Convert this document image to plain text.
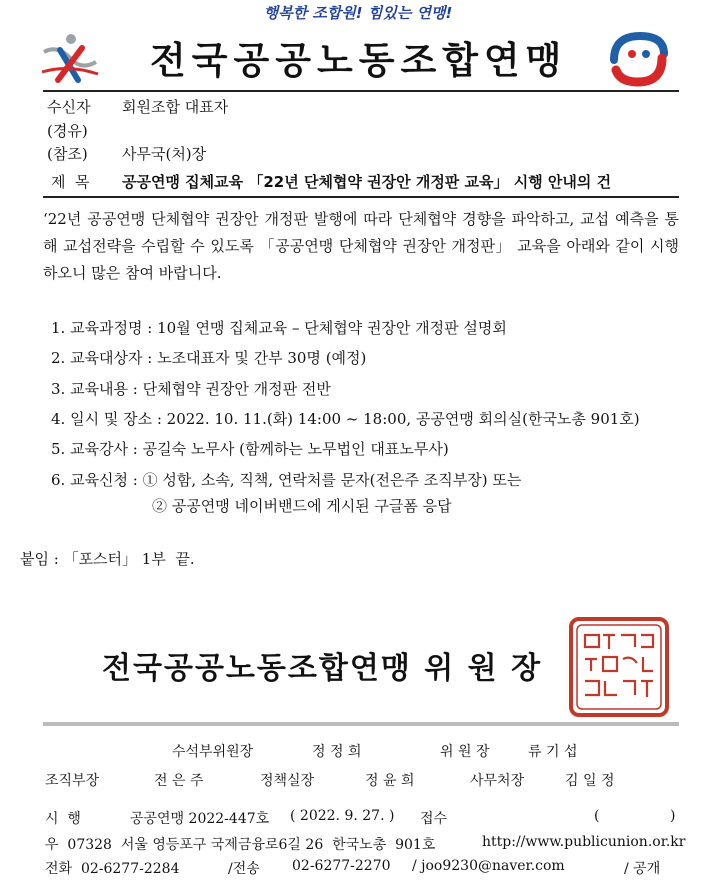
행복한 조합원! 힘있는 연맹!
전국공공노동조합연맹
수신자 회원조합 대표자
(경유)
(참조) 사무국(처)장
제  목 공공연맹 집체교육 「22년 단체협약 권장안 개정판 교육」 시행 안내의 건
‘22년 공공연맹 단체협약 권장안 개정판 발행에 따라 단체협약 경향을 파악하고, 교섭 예측을 통해 교섭전략을 수립할 수 있도록 「공공연맹 단체협약 권장안 개정판」 교육을 아래와 같이 시행하오니 많은 참여 바랍니다.
1. 교육과정명 : 10월 연맹 집체교육 – 단체협약 권장안 개정판 설명회
2. 교육대상자 : 노조대표자 및 간부 30명 (예정)
3. 교육내용 : 단체협약 권장안 개정판 전반
4. 일시 및 장소 : 2022. 10. 11.(화) 14:00 ~ 18:00, 공공연맹 회의실(한국노총 901호)
5. 교육강사 : 공길숙 노무사 (함께하는 노무법인 대표노무사)
6. 교육신청 : ① 성함, 소속, 직책, 연락처를 문자(전은주 조직부장) 또는
② 공공연맹 네이버밴드에 게시된 구글폼 응답
붙임 : 「포스터」 1부  끝.
전국공공노동조합연맹 위 원 장
수석부위원장	정 정 희	위 원 장	류 기 섭
조직부장	전 은 주	정책실장	정 윤 희	사무처장	김 일 정
시  행	공공연맹 2022-447호 ( 2022. 9. 27. ) 접수	(	)
우  07328  서울 영등포구 국제금융로6길 26  한국노총  901호	http://www.publicunion.or.kr
전화  02-6277-2284	/전송 02-6277-2270 / joo9230@naver.com	/ 공개
